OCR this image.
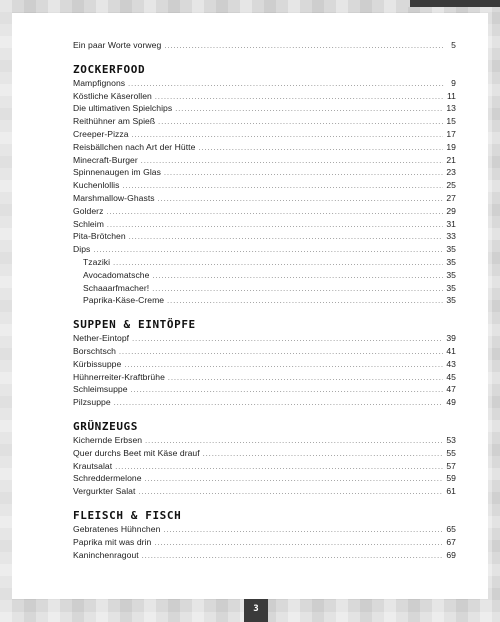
Ein paar Worte vorweg .....	5
ZOCKERFOOD
Mampfignons .....	9
Köstliche Käserollen .....	11
Die ultimativen Spielchips .....	13
Reithühner am Spieß .....	15
Creeper-Pizza .....	17
Reisbällchen nach Art der Hütte .....	19
Minecraft-Burger .....	21
Spinnenaugen im Glas .....	23
Kuchenlollis .....	25
Marshmallow-Ghasts .....	27
Golderz .....	29
Schleim .....	31
Pita-Brötchen .....	33
Dips .....	35
Tzaziki .....	35
Avocadomatsche .....	35
Schaaarfmacher! .....	35
Paprika-Käse-Creme .....	35
SUPPEN & EINTÖPFE
Nether-Eintopf .....	39
Borschtsch .....	41
Kürbissuppe .....	43
Hühnerreiter-Kraftbrühe .....	45
Schleimsuppe .....	47
Pilzsuppe .....	49
GRÜNZEUGS
Kichernde Erbsen .....	53
Quer durchs Beet mit Käse drauf .....	55
Krautsalat .....	57
Schreddermelone .....	59
Vergurkter Salat .....	61
FLEISCH & FISCH
Gebratenes Hühnchen .....	65
Paprika mit was drin .....	67
Kaninchenragout .....	69
3
